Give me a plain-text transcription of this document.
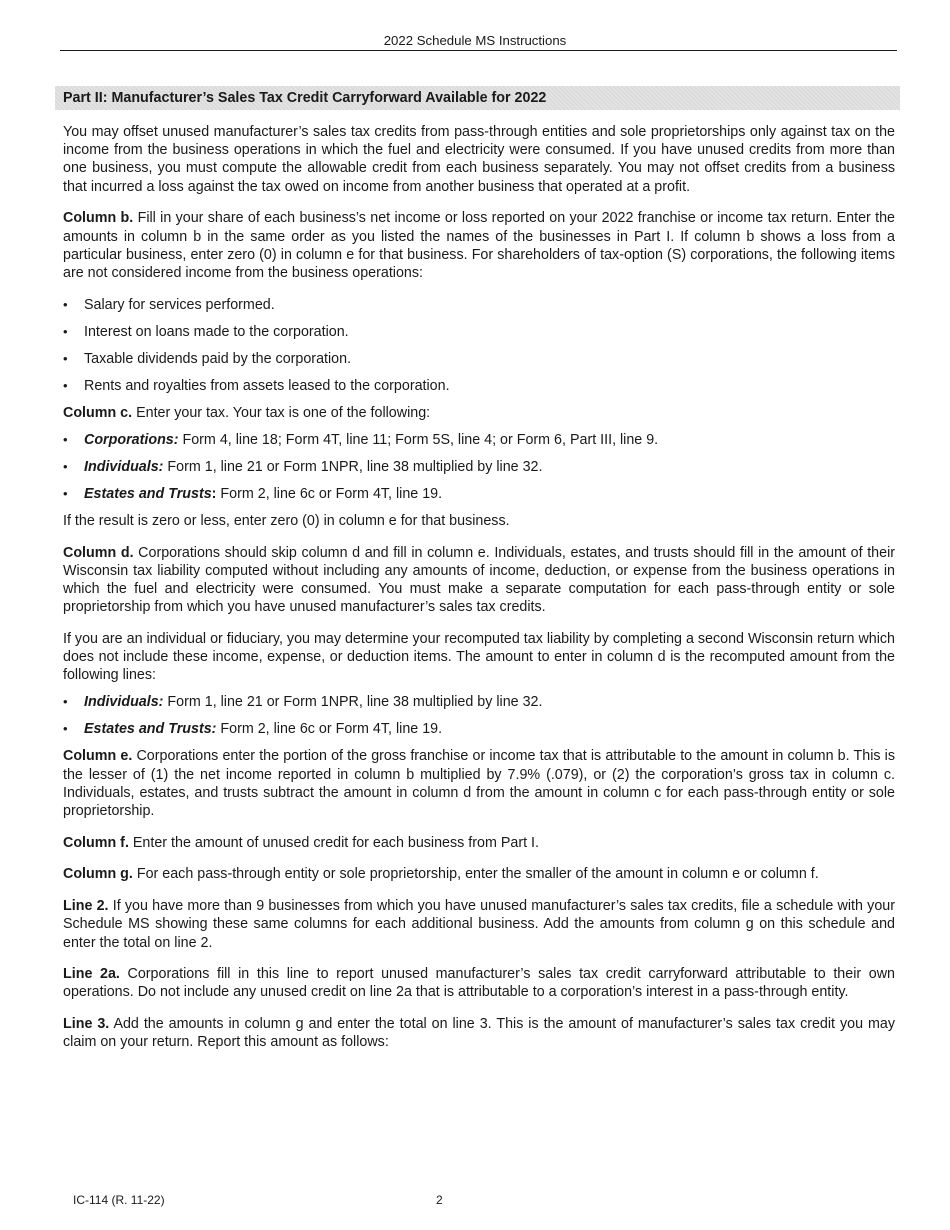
2022 Schedule MS Instructions
Part II: Manufacturer’s Sales Tax Credit Carryforward Available for 2022

You may offset unused manufacturer’s sales tax credits from pass-through entities and sole proprietorships only against tax on the income from the business operations in which the fuel and electricity were consumed. If you have unused credits from more than one business, you must compute the allowable credit from each business separately. You may not offset credits from a business that incurred a loss against the tax owed on income from another business that operated at a profit.

Column b. Fill in your share of each business’s net income or loss reported on your 2022 franchise or income tax return. Enter the amounts in column b in the same order as you listed the names of the businesses in Part I. If column b shows a loss from a particular business, enter zero (0) in column e for that business. For shareholders of tax-option (S) corporations, the following items are not considered income from the business operations:

•	Salary for services performed.
•	Interest on loans made to the corporation.
•	Taxable dividends paid by the corporation.
•	Rents and royalties from assets leased to the corporation.

Column c. Enter your tax. Your tax is one of the following:

•	Corporations: Form 4, line 18; Form 4T, line 11; Form 5S, line 4; or Form 6, Part III, line 9.
•	Individuals: Form 1, line 21 or Form 1NPR, line 38 multiplied by line 32.
•	Estates and Trusts: Form 2, line 6c or Form 4T, line 19.

If the result is zero or less, enter zero (0) in column e for that business.

Column d. Corporations should skip column d and fill in column e. Individuals, estates, and trusts should fill in the amount of their Wisconsin tax liability computed without including any amounts of income, deduction, or expense from the business operations in which the fuel and electricity were consumed. You must make a separate computation for each pass-through entity or sole proprietorship from which you have unused manufacturer’s sales tax credits.

If you are an individual or fiduciary, you may determine your recomputed tax liability by completing a second Wisconsin return which does not include these income, expense, or deduction items. The amount to enter in column d is the recomputed amount from the following lines:

•	Individuals: Form 1, line 21 or Form 1NPR, line 38 multiplied by line 32.
•	Estates and Trusts: Form 2, line 6c or Form 4T, line 19.

Column e. Corporations enter the portion of the gross franchise or income tax that is attributable to the amount in column b. This is the lesser of (1) the net income reported in column b multiplied by 7.9% (.079), or (2) the corporation’s gross tax in column c. Individuals, estates, and trusts subtract the amount in column d from the amount in column c for each pass-through entity or sole proprietorship.

Column f. Enter the amount of unused credit for each business from Part I.

Column g. For each pass-through entity or sole proprietorship, enter the smaller of the amount in column e or column f.

Line 2. If you have more than 9 businesses from which you have unused manufacturer’s sales tax credits, file a schedule with your Schedule MS showing these same columns for each additional business. Add the amounts from column g on this schedule and enter the total on line 2.

Line 2a. Corporations fill in this line to report unused manufacturer’s sales tax credit carryforward attributable to their own operations. Do not include any unused credit on line 2a that is attributable to a corporation’s interest in a pass-through entity.

Line 3. Add the amounts in column g and enter the total on line 3. This is the amount of manufacturer’s sales tax credit you may claim on your return. Report this amount as follows:

IC-114 (R. 11-22)	2
